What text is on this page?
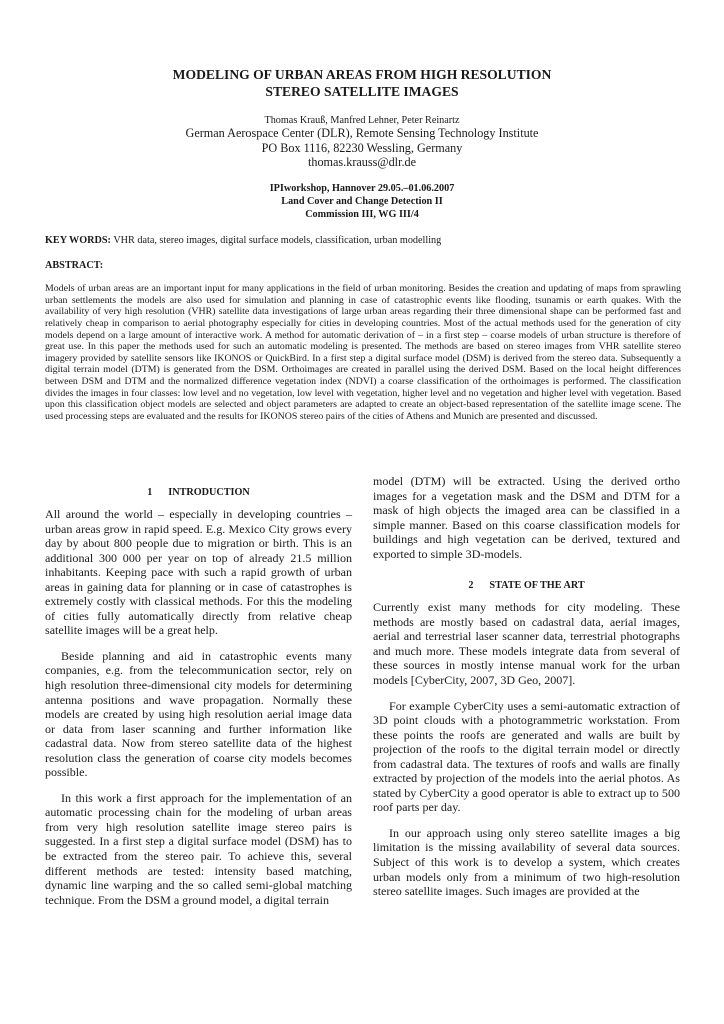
MODELING OF URBAN AREAS FROM HIGH RESOLUTION
STEREO SATELLITE IMAGES
Thomas Krauß, Manfred Lehner, Peter Reinartz
German Aerospace Center (DLR), Remote Sensing Technology Institute
PO Box 1116, 82230 Wessling, Germany
thomas.krauss@dlr.de
IPIworkshop, Hannover 29.05.–01.06.2007
Land Cover and Change Detection II
Commission III, WG III/4
KEY WORDS: VHR data, stereo images, digital surface models, classification, urban modelling
ABSTRACT:
Models of urban areas are an important input for many applications in the field of urban monitoring. Besides the creation and updating of maps from sprawling urban settlements the models are also used for simulation and planning in case of catastrophic events like flooding, tsunamis or earth quakes. With the availability of very high resolution (VHR) satellite data investigations of large urban areas regarding their three dimensional shape can be performed fast and relatively cheap in comparison to aerial photography especially for cities in developing countries. Most of the actual methods used for the generation of city models depend on a large amount of interactive work. A method for automatic derivation of – in a first step – coarse models of urban structure is therefore of great use. In this paper the methods used for such an automatic modeling is presented. The methods are based on stereo images from VHR satellite stereo imagery provided by satellite sensors like IKONOS or QuickBird. In a first step a digital surface model (DSM) is derived from the stereo data. Subsequently a digital terrain model (DTM) is generated from the DSM. Orthoimages are created in parallel using the derived DSM. Based on the local height differences between DSM and DTM and the normalized difference vegetation index (NDVI) a coarse classification of the orthoimages is performed. The classification divides the images in four classes: low level and no vegetation, low level with vegetation, higher level and no vegetation and higher level with vegetation. Based upon this classification object models are selected and object parameters are adapted to create an object-based representation of the satellite image scene. The used processing steps are evaluated and the results for IKONOS stereo pairs of the cities of Athens and Munich are presented and discussed.
1 INTRODUCTION

All around the world – especially in developing countries – urban areas grow in rapid speed. E.g. Mexico City grows every day by about 800 people due to migration or birth. This is an additional 300 000 per year on top of already 21.5 million inhabitants. Keeping pace with such a rapid growth of urban areas in gaining data for planning or in case of catastrophes is extremely costly with classical methods. For this the modeling of cities fully automatically directly from relative cheap satellite images will be a great help.

Beside planning and aid in catastrophic events many companies, e.g. from the telecommunication sector, rely on high resolution three-dimensional city models for determining antenna positions and wave propagation. Normally these models are created by using high resolution aerial image data or data from laser scanning and further information like cadastral data. Now from stereo satellite data of the highest resolution class the generation of coarse city models becomes possible.

In this work a first approach for the implementation of an automatic processing chain for the modeling of urban areas from very high resolution satellite image stereo pairs is suggested. In a first step a digital surface model (DSM) has to be extracted from the stereo pair. To achieve this, several different methods are tested: intensity based matching, dynamic line warping and the so called semi-global matching technique. From the DSM a ground model, a digital terrain

model (DTM) will be extracted. Using the derived ortho images for a vegetation mask and the DSM and DTM for a mask of high objects the imaged area can be classified in a simple manner. Based on this coarse classification models for buildings and high vegetation can be derived, textured and exported to simple 3D-models.

2 STATE OF THE ART

Currently exist many methods for city modeling. These methods are mostly based on cadastral data, aerial images, aerial and terrestrial laser scanner data, terrestrial photographs and much more. These models integrate data from several of these sources in mostly intense manual work for the urban models [CyberCity, 2007, 3D Geo, 2007].

For example CyberCity uses a semi-automatic extraction of 3D point clouds with a photogrammetric workstation. From these points the roofs are generated and walls are built by projection of the roofs to the digital terrain model or directly from cadastral data. The textures of roofs and walls are finally extracted by projection of the models into the aerial photos. As stated by CyberCity a good operator is able to extract up to 500 roof parts per day.

In our approach using only stereo satellite images a big limitation is the missing availability of several data sources. Subject of this work is to develop a system, which creates urban models only from a minimum of two high-resolution stereo satellite images. Such images are provided at the
